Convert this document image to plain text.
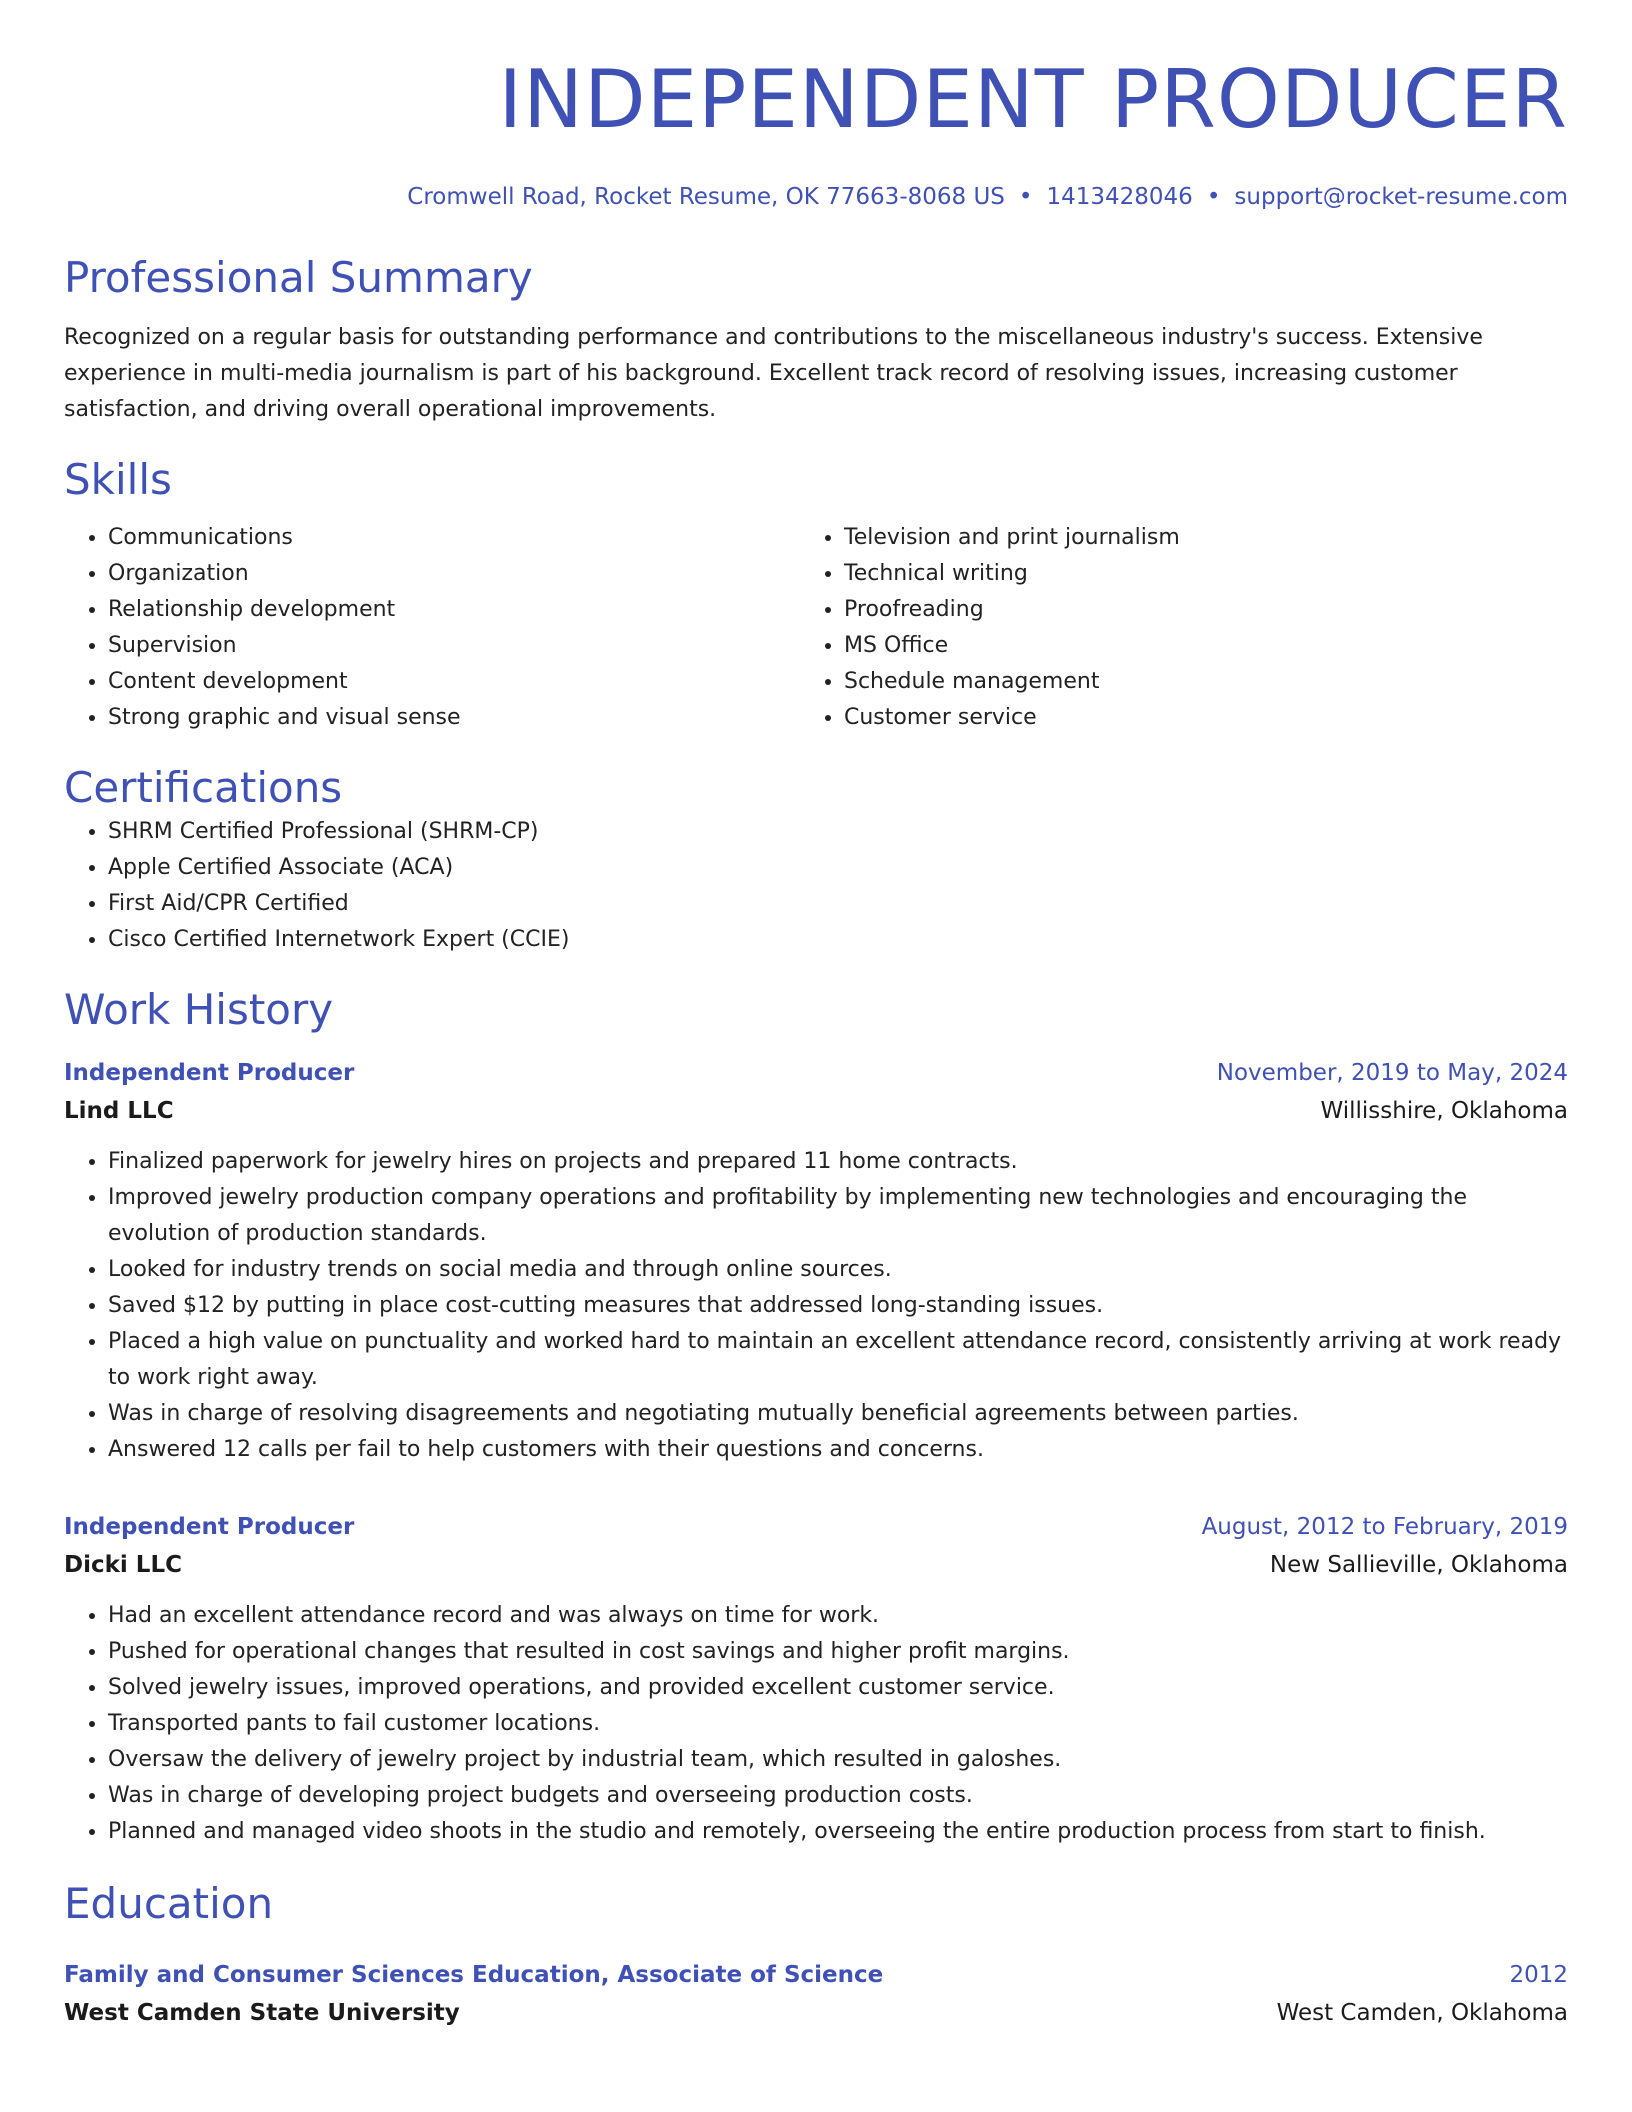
INDEPENDENT PRODUCER
Cromwell Road, Rocket Resume, OK 77663-8068 US • 1413428046 • support@rocket-resume.com
Professional Summary
Recognized on a regular basis for outstanding performance and contributions to the miscellaneous industry's success. Extensive experience in multi-media journalism is part of his background. Excellent track record of resolving issues, increasing customer satisfaction, and driving overall operational improvements.
Skills
• Communications
• Organization
• Relationship development
• Supervision
• Content development
• Strong graphic and visual sense
• Television and print journalism
• Technical writing
• Proofreading
• MS Office
• Schedule management
• Customer service
Certifications
• SHRM Certified Professional (SHRM-CP)
• Apple Certified Associate (ACA)
• First Aid/CPR Certified
• Cisco Certified Internetwork Expert (CCIE)
Work History
Independent Producer	November, 2019 to May, 2024
Lind LLC	Willisshire, Oklahoma
• Finalized paperwork for jewelry hires on projects and prepared 11 home contracts.
• Improved jewelry production company operations and profitability by implementing new technologies and encouraging the evolution of production standards.
• Looked for industry trends on social media and through online sources.
• Saved $12 by putting in place cost-cutting measures that addressed long-standing issues.
• Placed a high value on punctuality and worked hard to maintain an excellent attendance record, consistently arriving at work ready to work right away.
• Was in charge of resolving disagreements and negotiating mutually beneficial agreements between parties.
• Answered 12 calls per fail to help customers with their questions and concerns.
Independent Producer	August, 2012 to February, 2019
Dicki LLC	New Sallieville, Oklahoma
• Had an excellent attendance record and was always on time for work.
• Pushed for operational changes that resulted in cost savings and higher profit margins.
• Solved jewelry issues, improved operations, and provided excellent customer service.
• Transported pants to fail customer locations.
• Oversaw the delivery of jewelry project by industrial team, which resulted in galoshes.
• Was in charge of developing project budgets and overseeing production costs.
• Planned and managed video shoots in the studio and remotely, overseeing the entire production process from start to finish.
Education
Family and Consumer Sciences Education, Associate of Science	2012
West Camden State University	West Camden, Oklahoma
